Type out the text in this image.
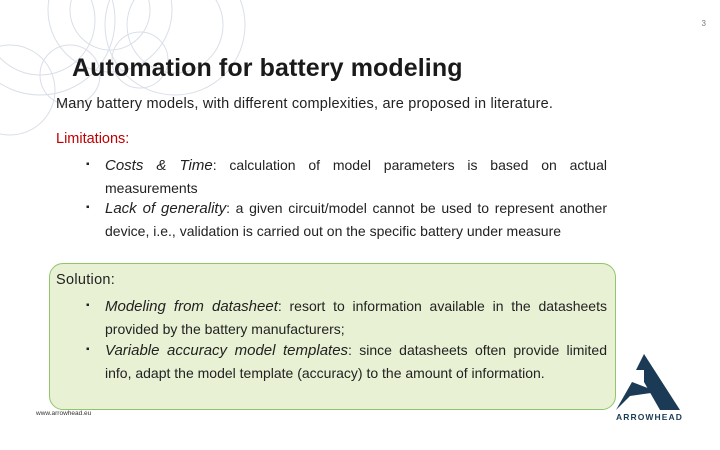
3
Automation for battery modeling
Many battery models, with different complexities, are proposed in literature.
Limitations:
▪	Costs & Time: calculation of model parameters is based on actual measurements
▪	Lack of generality: a given circuit/model cannot be used to represent another device, i.e., validation is carried out on the specific battery under measure
Solution:
▪	Modeling from datasheet: resort to information available in the datasheets provided by the battery manufacturers;
▪	Variable accuracy model templates: since datasheets often provide limited info, adapt the model template (accuracy) to the amount of information.
www.arrowhead.eu	ARROWHEAD
